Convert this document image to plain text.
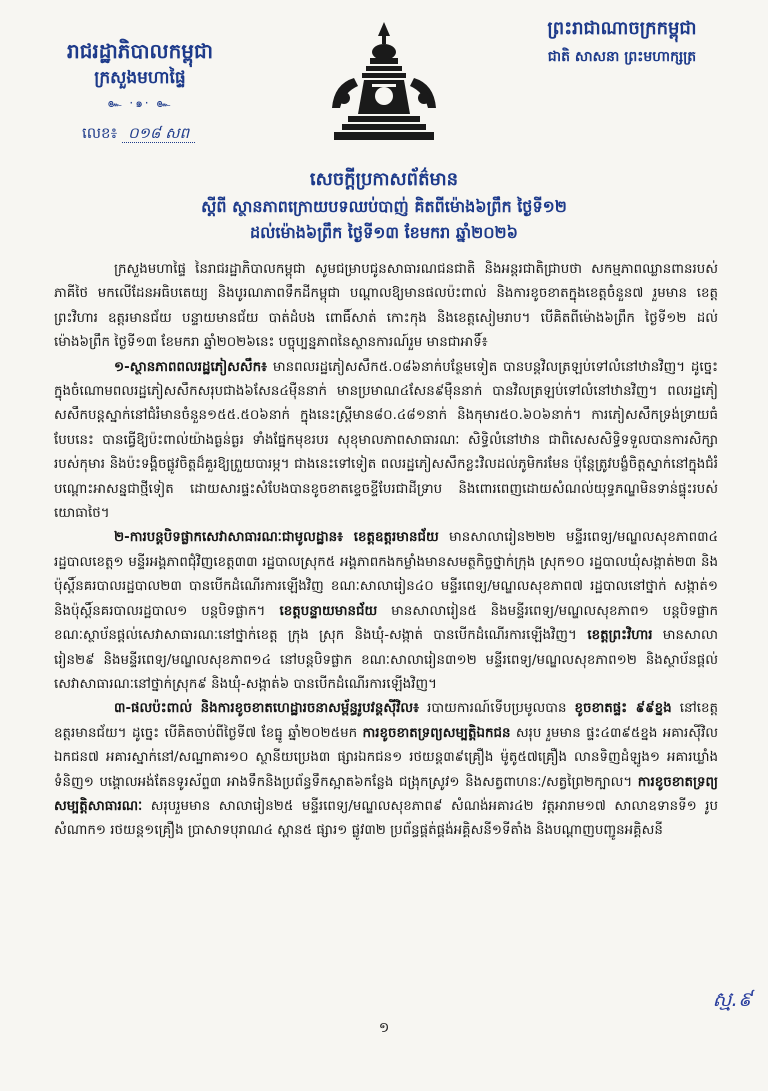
រាជរដ្ឋាភិបាលកម្ពុជា
ក្រសួងមហាផ្ទៃ
๛ ·๑· ๛
លេខ៖ ០១៨ សព
ព្រះរាជាណាចក្រកម្ពុជា
ជាតិ សាសនា ព្រះមហាក្សត្រ
សេចក្តីប្រកាសព័ត៌មាន
ស្តីពី ស្ថានភាពក្រោយបទឈប់បាញ់ គិតពីម៉ោង៦ព្រឹក ថ្ងៃទី១២
ដល់ម៉ោង៦ព្រឹក ថ្ងៃទី១៣ ខែមករា ឆ្នាំ២០២៦

ក្រសួងមហាផ្ទៃ នៃរាជរដ្ឋាភិបាលកម្ពុជា សូមជម្រាបជូនសាធារណជនជាតិ និងអន្តរជាតិជ្រាបថា សកម្មភាពឈ្លានពានរបស់ភាគីថៃ មកលើដែនអធិបតេយ្យ និងបូរណភាពទឹកដីកម្ពុជា បណ្តាលឱ្យមានផលប៉ះពាល់ និងការខូចខាតក្នុងខេត្តចំនួន៧ រួមមាន ខេត្តព្រះវិហារ ឧត្តរមានជ័យ បន្ទាយមានជ័យ បាត់ដំបង ពោធិ៍សាត់ កោះកុង និងខេត្តសៀមរាប។ បើគិតពីម៉ោង៦ព្រឹក ថ្ងៃទី១២ ដល់ម៉ោង៦ព្រឹក ថ្ងៃទី១៣ ខែមករា ឆ្នាំ២០២៦នេះ បច្ចុប្បន្នភាពនៃស្ថានការណ៍រួម មានជាអាទិ៍៖

១-ស្ថានភាពពលរដ្ឋភៀសសឹក៖ មានពលរដ្ឋភៀសសឹក៥.០៨៦នាក់បន្ថែមទៀត បានបន្តវិលត្រឡប់ទៅលំនៅឋានវិញ។ ដូច្នេះ ក្នុងចំណោមពលរដ្ឋភៀសសឹកសរុបជាង៦សែន៤ម៉ឺននាក់ មានប្រមាណ៤សែន៩ម៉ឺននាក់ បានវិលត្រឡប់ទៅលំនៅឋានវិញ។ ពលរដ្ឋភៀសសឹកបន្តស្នាក់នៅជំរំមានចំនួន១៥៥.៥០៦នាក់ ក្នុងនេះស្ត្រីមាន៨០.៤៨១នាក់ និងកុមារ៥០.៦០៦នាក់។ ការភៀសសឹកទ្រង់ទ្រាយធំបែបនេះ បានធ្វើឱ្យប៉ះពាល់យ៉ាងធ្ងន់ធ្ងរ ទាំងផ្នែកមុខរបរ សុខុមាលភាពសាធារណៈ សិទ្ធិលំនៅឋាន ជាពិសេសសិទ្ធិទទួលបានការសិក្សារបស់កុមារ និងប៉ះទង្គិចផ្លូវចិត្តដ៏គួរឱ្យព្រួយបារម្ភ។ ជាងនេះទៅទៀត ពលរដ្ឋភៀសសឹកខ្លះវិលដល់ភូមិករមែន ប៉ុន្តែត្រូវបង្ខំចិត្តស្នាក់នៅក្នុងជំរំបណ្តោះអាសន្នជាថ្មីទៀត ដោយសារផ្ទះសំបែងបានខូចខាតខ្ទេចខ្ទីបែរជាដីទ្រាប និងពោរពេញដោយសំណល់យុទ្ធភណ្ឌមិនទាន់ផ្ទុះរបស់យោធាថៃ។

២-ការបន្តបិទផ្លាកសេវាសាធារណៈជាមូលដ្ឋាន៖ ខេត្តឧត្តរមានជ័យ មានសាលារៀន២២២ មន្ទីរពេទ្យ/មណ្ឌលសុខភាព៣៤ រដ្ឋបាលខេត្ត១ មន្ទីរអង្គភាពជុំវិញខេត្ត៣៣ រដ្ឋបាលស្រុក៥ អង្គភាពកងកម្លាំងមានសមត្ថកិច្ចថ្នាក់ក្រុង ស្រុក១០ រដ្ឋបាលឃុំសង្កាត់២៣ និងប៉ុស្តិ៍នគរបាលរដ្ឋបាល២៣ បានបើកដំណើរការឡើងវិញ ខណៈសាលារៀន៤០ មន្ទីរពេទ្យ/មណ្ឌលសុខភាព៧ រដ្ឋបាលនៅថ្នាក់ សង្កាត់១ និងប៉ុស្តិ៍នគរបាលរដ្ឋបាល១ បន្តបិទផ្លាក។ ខេត្តបន្ទាយមានជ័យ មានសាលារៀន៥ និងមន្ទីរពេទ្យ/មណ្ឌលសុខភាព១ បន្តបិទផ្លាក ខណៈស្ថាប័នផ្តល់សេវាសាធារណៈនៅថ្នាក់ខេត្ត ក្រុង ស្រុក និងឃុំ-សង្កាត់ បានបើកដំណើរការឡើងវិញ។ ខេត្តព្រះវិហារ មានសាលារៀន២៩ និងមន្ទីរពេទ្យ/មណ្ឌលសុខភាព១៤ នៅបន្តបិទផ្លាក ខណៈសាលារៀន៣១២ មន្ទីរពេទ្យ/មណ្ឌលសុខភាព១២ និងស្ថាប័នផ្តល់សេវាសាធារណៈនៅថ្នាក់ស្រុក៩ និងឃុំ-សង្កាត់៦ បានបើកដំណើរការឡើងវិញ។

៣-ផលប៉ះពាល់ និងការខូចខាតហេដ្ឋារចនាសម្ព័ន្ធរូបវន្តស៊ីវិល៖ របាយការណ៍ទើបប្រមូលបាន ខូចខាតផ្ទះ ៩៩ខ្នង នៅខេត្តឧត្តរមានជ័យ។ ដូច្នេះ បើគិតចាប់ពីថ្ងៃទី៧ ខែធ្នូ ឆ្នាំ២០២៥មក ការខូចខាតទ្រព្យសម្បត្តិឯកជន សរុប រួមមាន ផ្ទះ៤៣៩៥ខ្នង អគារស៊ីវិលឯកជន៧ អគារស្នាក់នៅ/សណ្ឋាគារ១០ ស្ថានីយប្រេង៣ ផ្សារឯកជន១ រថយន្ត៣៩គ្រឿង ម៉ូតូ៥៧គ្រឿង លានទិញដំឡូង១ អគារឃ្លាំងទំនិញ១ បង្គោលអង់តែនទូរស័ព្ទ៣ អាងទឹកនិងប្រព័ន្ធទឹកស្អាត៦កន្លែង ជង្រុកស្រូវ១ និងសត្វពាហនៈ/សត្វព្រៃ២ក្បាល។ ការខូចខាតទ្រព្យសម្បត្តិសាធារណៈ សរុបរួមមាន សាលារៀន២៥ មន្ទីរពេទ្យ/មណ្ឌលសុខភាព៩ សំណង់អគារ៤២ វត្តអារាម១៧ សាលាឧទានទី១ រូបសំណាក១ រថយន្ត១គ្រឿង ប្រាសាទបុរាណ៤ ស្ពាន៥ ផ្សារ១ ផ្លូវ៣២ ប្រព័ន្ធផ្គត់ផ្គង់អគ្គិសនី១ទីតាំង និងបណ្តាញបញ្ជូនអគ្គិសនី

ស្ម.៩
១
